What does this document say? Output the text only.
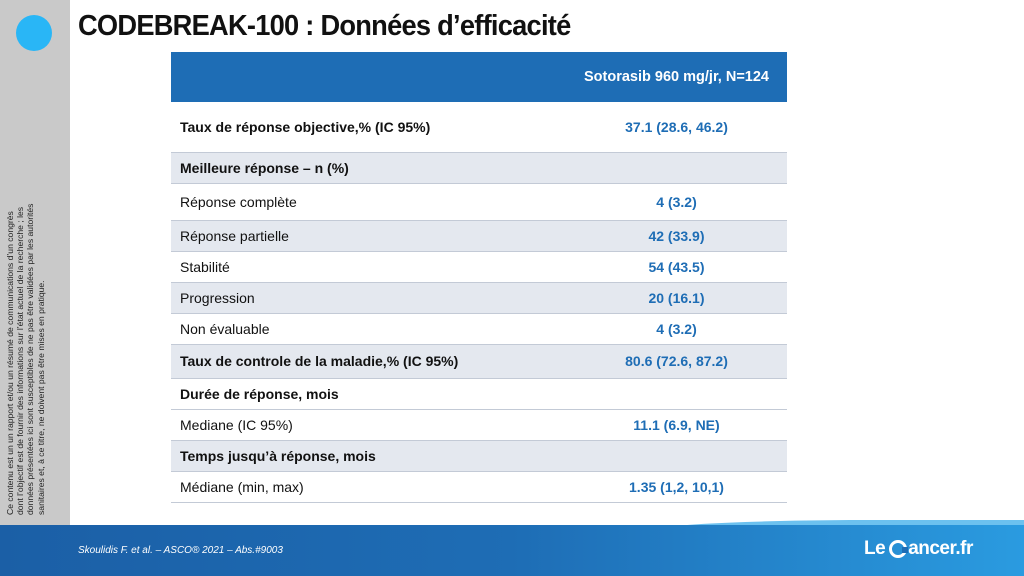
Ce contenu est un un rapport et/ou un résumé de communications d’un congrès dont l’objectif est de fournir des informations sur l’état actuel de la recherche ; les données présentées ici sont susceptibles de ne pas être validées par les autorités sanitaires et, à ce titre, ne doivent pas être mises en pratique.
CODEBREAK-100 : Données d’efficacité
	Sotorasib 960 mg/jr, N=124
Taux de réponse objective,% (IC 95%)	37.1 (28.6, 46.2)
Meilleure réponse – n (%)	
Réponse complète	4 (3.2)
Réponse partielle	42 (33.9)
Stabilité	54 (43.5)
Progression	20 (16.1)
Non évaluable	4 (3.2)
Taux de controle de la maladie,% (IC 95%)	80.6 (72.6, 87.2)
Durée de réponse, mois	
Mediane (IC 95%)	11.1 (6.9, NE)
Temps jusqu’à réponse, mois	
Médiane (min, max)	1.35 (1,2, 10,1)
Skoulidis F. et al. – ASCO® 2021 – Abs.#9003	Le ancer.fr
